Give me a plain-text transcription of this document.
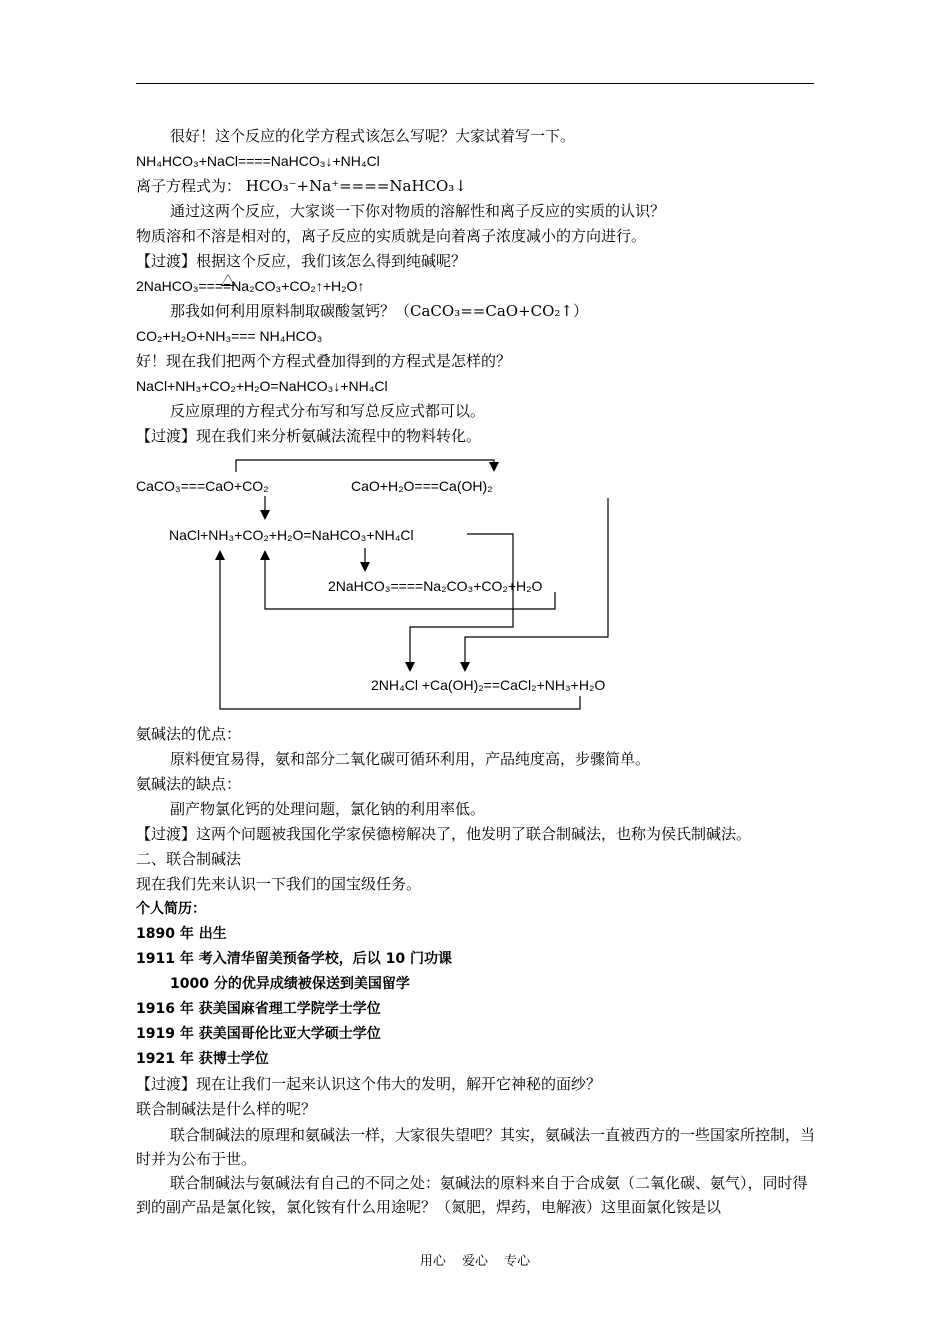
很好！这个反应的化学方程式该怎么写呢？大家试着写一下。
NH₄HCO₃+NaCl====NaHCO₃↓+NH₄Cl
离子方程式为： HCO₃⁻+Na⁺====NaHCO₃↓
通过这两个反应，大家谈一下你对物质的溶解性和离子反应的实质的认识？
物质溶和不溶是相对的，离子反应的实质就是向着离子浓度减小的方向进行。
【过渡】根据这个反应，我们该怎么得到纯碱呢？
2NaHCO₃====Na₂CO₃+CO₂↑+H₂O↑
那我如何利用原料制取碳酸氢钙？（CaCO₃==CaO+CO₂↑）
CO₂+H₂O+NH₃=== NH₄HCO₃
好！现在我们把两个方程式叠加得到的方程式是怎样的？
NaCl+NH₃+CO₂+H₂O=NaHCO₃↓+NH₄Cl
反应原理的方程式分布写和写总反应式都可以。
【过渡】现在我们来分析氨碱法流程中的物料转化。
CaCO₃===CaO+CO₂	CaO+H₂O===Ca(OH)₂
NaCl+NH₃+CO₂+H₂O=NaHCO₃+NH₄Cl
2NaHCO₃====Na₂CO₃+CO₂+H₂O
2NH₄Cl +Ca(OH)₂==CaCl₂+NH₃+H₂O
氨碱法的优点：
原料便宜易得，氨和部分二氧化碳可循环利用，产品纯度高，步骤简单。
氨碱法的缺点：
副产物氯化钙的处理问题，氯化钠的利用率低。
【过渡】这两个问题被我国化学家侯德榜解决了，他发明了联合制碱法，也称为侯氏制碱法。
二、联合制碱法
现在我们先来认识一下我们的国宝级任务。
个人简历：
1890 年 出生
1911 年 考入清华留美预备学校，后以 10 门功课
1000 分的优异成绩被保送到美国留学
1916 年 获美国麻省理工学院学士学位
1919 年 获美国哥伦比亚大学硕士学位
1921 年 获博士学位
【过渡】现在让我们一起来认识这个伟大的发明，解开它神秘的面纱？
联合制碱法是什么样的呢？
联合制碱法的原理和氨碱法一样，大家很失望吧？其实，氨碱法一直被西方的一些国家所控制，当时并为公布于世。
联合制碱法与氨碱法有自己的不同之处：氨碱法的原料来自于合成氨（二氧化碳、氨气），同时得到的副产品是氯化铵，氯化铵有什么用途呢？（氮肥，焊药，电解液）这里面氯化铵是以
用心 爱心 专心
